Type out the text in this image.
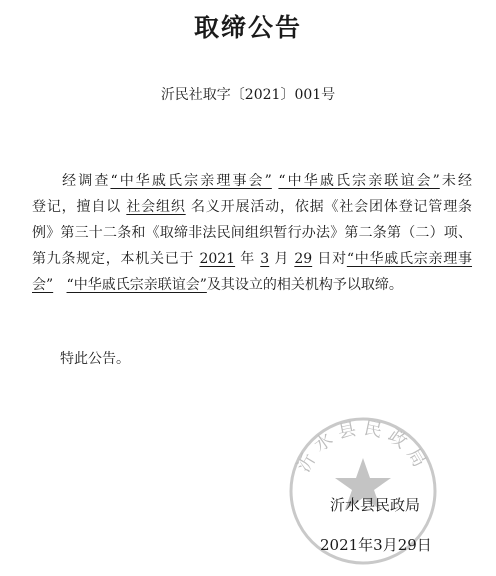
取缔公告
沂民社取字〔2021〕001号
经调查“中华戚氏宗亲理事会” “中华戚氏宗亲联谊会”未经
登记，擅自以 社会组织 名义开展活动，依据《社会团体登记管理条
例》第三十二条和《取缔非法民间组织暂行办法》第二条第（二）项、
第九条规定，本机关已于 2021 年 3 月 29 日对“中华戚氏宗亲理事
会” “中华戚氏宗亲联谊会”及其设立的相关机构予以取缔。
特此公告。
沂水县民政局
沂水县民政局
2021年3月29日
